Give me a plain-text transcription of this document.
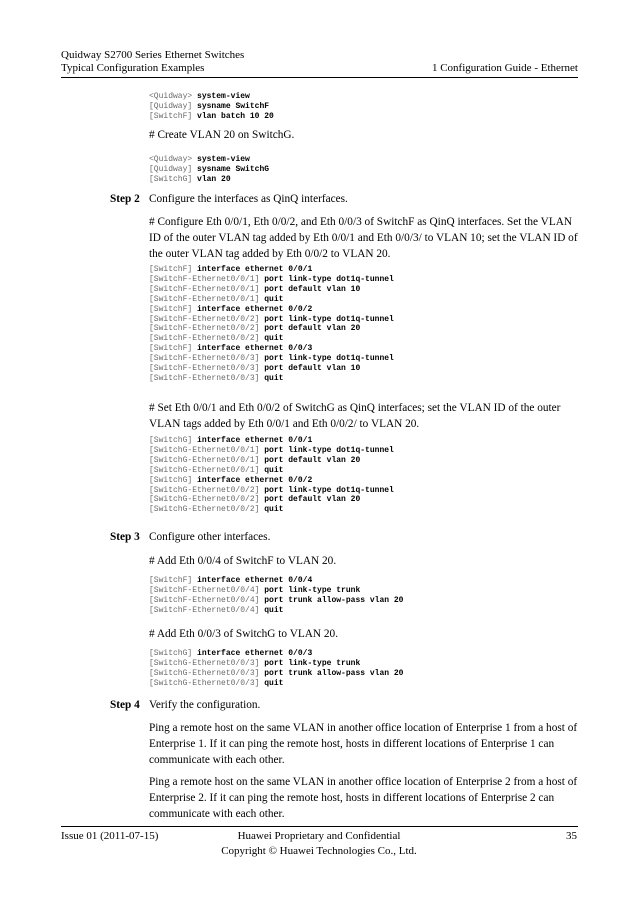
Quidway S2700 Series Ethernet Switches
Typical Configuration Examples	1 Configuration Guide - Ethernet
<Quidway> system-view
[Quidway] sysname SwitchF
[SwitchF] vlan batch 10 20
# Create VLAN 20 on SwitchG.
<Quidway> system-view
[Quidway] sysname SwitchG
[SwitchG] vlan 20
Step 2 Configure the interfaces as QinQ interfaces.
# Configure Eth 0/0/1, Eth 0/0/2, and Eth 0/0/3 of SwitchF as QinQ interfaces. Set the VLAN ID of the outer VLAN tag added by Eth 0/0/1 and Eth 0/0/3/ to VLAN 10; set the VLAN ID of the outer VLAN tag added by Eth 0/0/2 to VLAN 20.
[SwitchF] interface ethernet 0/0/1
[SwitchF-Ethernet0/0/1] port link-type dot1q-tunnel
[SwitchF-Ethernet0/0/1] port default vlan 10
[SwitchF-Ethernet0/0/1] quit
[SwitchF] interface ethernet 0/0/2
[SwitchF-Ethernet0/0/2] port link-type dot1q-tunnel
[SwitchF-Ethernet0/0/2] port default vlan 20
[SwitchF-Ethernet0/0/2] quit
[SwitchF] interface ethernet 0/0/3
[SwitchF-Ethernet0/0/3] port link-type dot1q-tunnel
[SwitchF-Ethernet0/0/3] port default vlan 10
[SwitchF-Ethernet0/0/3] quit
# Set Eth 0/0/1 and Eth 0/0/2 of SwitchG as QinQ interfaces; set the VLAN ID of the outer VLAN tags added by Eth 0/0/1 and Eth 0/0/2/ to VLAN 20.
[SwitchG] interface ethernet 0/0/1
[SwitchG-Ethernet0/0/1] port link-type dot1q-tunnel
[SwitchG-Ethernet0/0/1] port default vlan 20
[SwitchG-Ethernet0/0/1] quit
[SwitchG] interface ethernet 0/0/2
[SwitchG-Ethernet0/0/2] port link-type dot1q-tunnel
[SwitchG-Ethernet0/0/2] port default vlan 20
[SwitchG-Ethernet0/0/2] quit
Step 3 Configure other interfaces.
# Add Eth 0/0/4 of SwitchF to VLAN 20.
[SwitchF] interface ethernet 0/0/4
[SwitchF-Ethernet0/0/4] port link-type trunk
[SwitchF-Ethernet0/0/4] port trunk allow-pass vlan 20
[SwitchF-Ethernet0/0/4] quit
# Add Eth 0/0/3 of SwitchG to VLAN 20.
[SwitchG] interface ethernet 0/0/3
[SwitchG-Ethernet0/0/3] port link-type trunk
[SwitchG-Ethernet0/0/3] port trunk allow-pass vlan 20
[SwitchG-Ethernet0/0/3] quit
Step 4 Verify the configuration.
Ping a remote host on the same VLAN in another office location of Enterprise 1 from a host of Enterprise 1. If it can ping the remote host, hosts in different locations of Enterprise 1 can communicate with each other.
Ping a remote host on the same VLAN in another office location of Enterprise 2 from a host of Enterprise 2. If it can ping the remote host, hosts in different locations of Enterprise 2 can communicate with each other.
Issue 01 (2011-07-15)	Huawei Proprietary and Confidential
Copyright © Huawei Technologies Co., Ltd.
35
